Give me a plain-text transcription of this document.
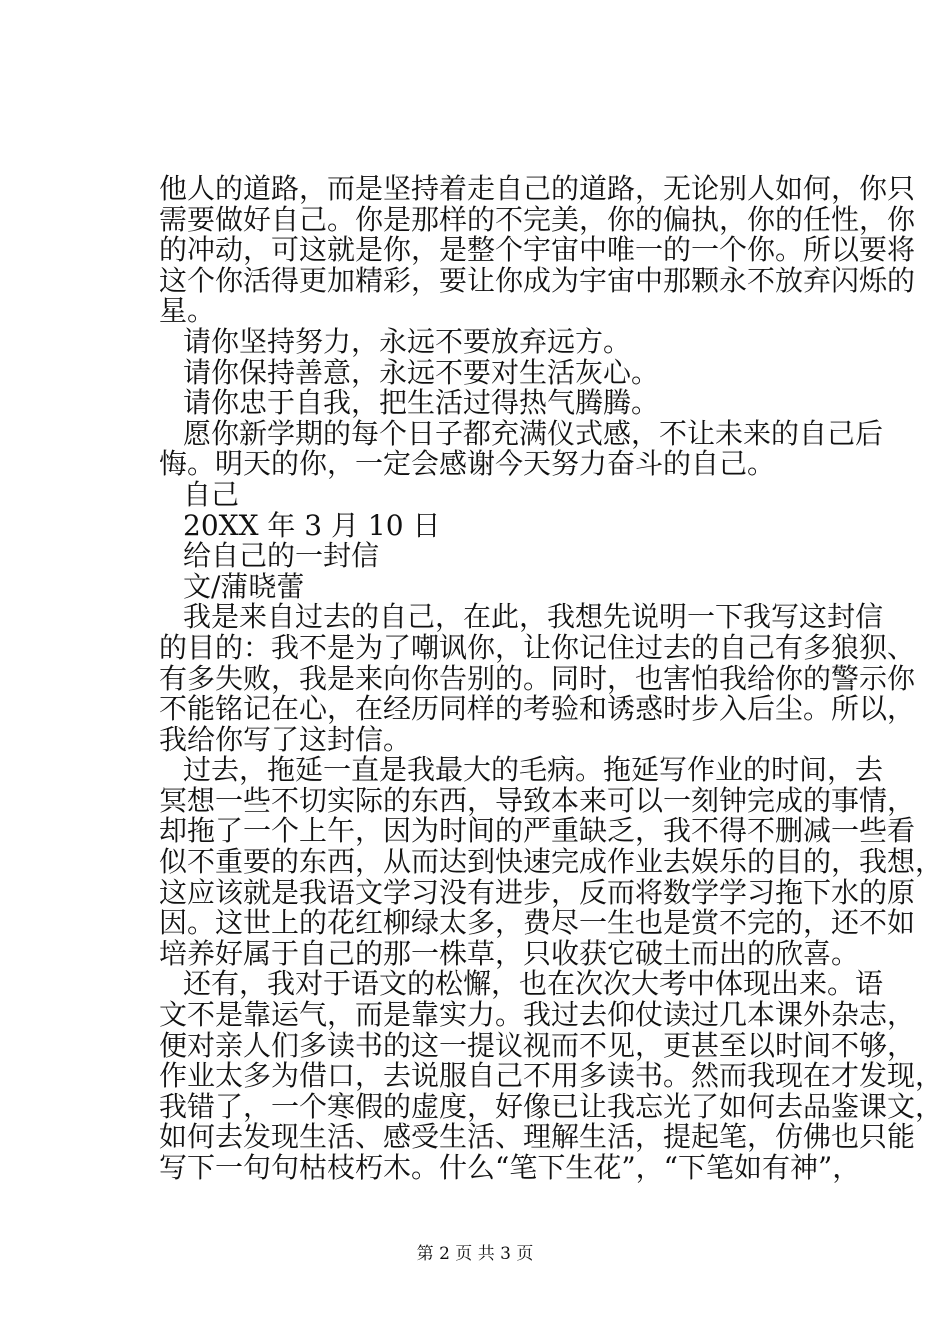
他人的道路，而是坚持着走自己的道路，无论别人如何，你只
需要做好自己。你是那样的不完美，你的偏执，你的任性，你
的冲动，可这就是你，是整个宇宙中唯一的一个你。所以要将
这个你活得更加精彩，要让你成为宇宙中那颗永不放弃闪烁的
星。
请你坚持努力，永远不要放弃远方。
请你保持善意，永远不要对生活灰心。
请你忠于自我，把生活过得热气腾腾。
愿你新学期的每个日子都充满仪式感，不让未来的自己后
悔。明天的你，一定会感谢今天努力奋斗的自己。
自己
20XX 年 3 月 10 日
给自己的一封信
文/蒲晓蕾
我是来自过去的自己，在此，我想先说明一下我写这封信
的目的：我不是为了嘲讽你，让你记住过去的自己有多狼狈、
有多失败，我是来向你告别的。同时，也害怕我给你的警示你
不能铭记在心，在经历同样的考验和诱惑时步入后尘。所以，
我给你写了这封信。
过去，拖延一直是我最大的毛病。拖延写作业的时间，去
冥想一些不切实际的东西，导致本来可以一刻钟完成的事情，
却拖了一个上午，因为时间的严重缺乏，我不得不删减一些看
似不重要的东西，从而达到快速完成作业去娱乐的目的，我想，
这应该就是我语文学习没有进步，反而将数学学习拖下水的原
因。这世上的花红柳绿太多，费尽一生也是赏不完的，还不如
培养好属于自己的那一株草，只收获它破土而出的欣喜。
还有，我对于语文的松懈，也在次次大考中体现出来。语
文不是靠运气，而是靠实力。我过去仰仗读过几本课外杂志，
便对亲人们多读书的这一提议视而不见，更甚至以时间不够，
作业太多为借口，去说服自己不用多读书。然而我现在才发现，
我错了，一个寒假的虚度，好像已让我忘光了如何去品鉴课文，
如何去发现生活、感受生活、理解生活，提起笔，仿佛也只能
写下一句句枯枝朽木。什么“笔下生花”，“下笔如有神”，
第 2 页 共 3 页
